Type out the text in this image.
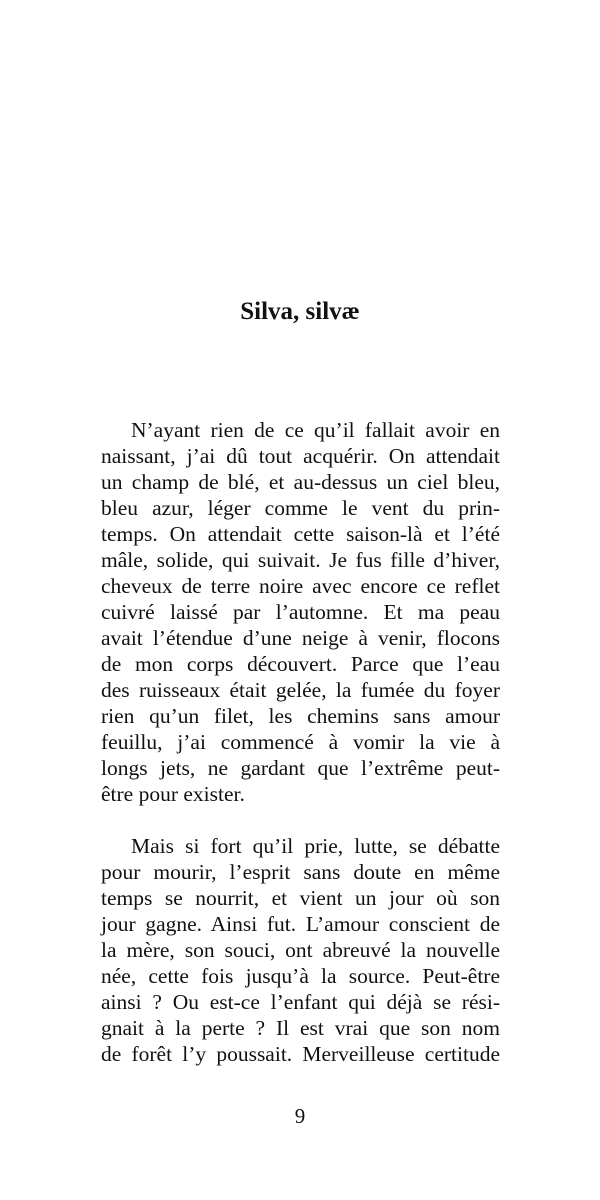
Silva, silvæ
N’ayant rien de ce qu’il fallait avoir en
naissant, j’ai dû tout acquérir. On attendait
un champ de blé, et au-dessus un ciel bleu,
bleu azur, léger comme le vent du prin-
temps. On attendait cette saison-là et l’été
mâle, solide, qui suivait. Je fus fille d’hiver,
cheveux de terre noire avec encore ce reflet
cuivré laissé par l’automne. Et ma peau
avait l’étendue d’une neige à venir, flocons
de mon corps découvert. Parce que l’eau
des ruisseaux était gelée, la fumée du foyer
rien qu’un filet, les chemins sans amour
feuillu, j’ai commencé à vomir la vie à
longs jets, ne gardant que l’extrême peut-
être pour exister.
Mais si fort qu’il prie, lutte, se débatte
pour mourir, l’esprit sans doute en même
temps se nourrit, et vient un jour où son
jour gagne. Ainsi fut. L’amour conscient de
la mère, son souci, ont abreuvé la nouvelle
née, cette fois jusqu’à la source. Peut-être
ainsi ? Ou est-ce l’enfant qui déjà se rési-
gnait à la perte ? Il est vrai que son nom
de forêt l’y poussait. Merveilleuse certitude
9
